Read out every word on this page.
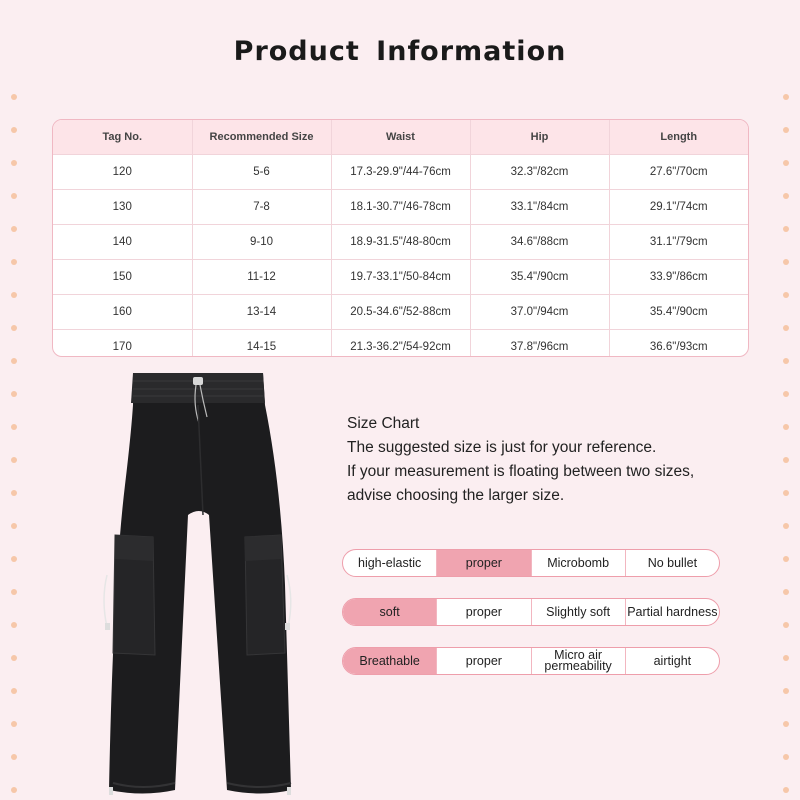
Product Information
Tag No.	Recommended Size	Waist	Hip	Length
120	5-6	17.3-29.9"/44-76cm	32.3"/82cm	27.6"/70cm
130	7-8	18.1-30.7"/46-78cm	33.1"/84cm	29.1"/74cm
140	9-10	18.9-31.5"/48-80cm	34.6"/88cm	31.1"/79cm
150	11-12	19.7-33.1"/50-84cm	35.4"/90cm	33.9"/86cm
160	13-14	20.5-34.6"/52-88cm	37.0"/94cm	35.4"/90cm
170	14-15	21.3-36.2"/54-92cm	37.8"/96cm	36.6"/93cm
Size Chart
The suggested size is just for your reference.
If your measurement is floating between two sizes,
advise choosing the larger size.
high-elastic	proper	Microbomb	No bullet
soft	proper	Slightly soft	Partial hardness
Breathable	proper	Micro air permeability	airtight
